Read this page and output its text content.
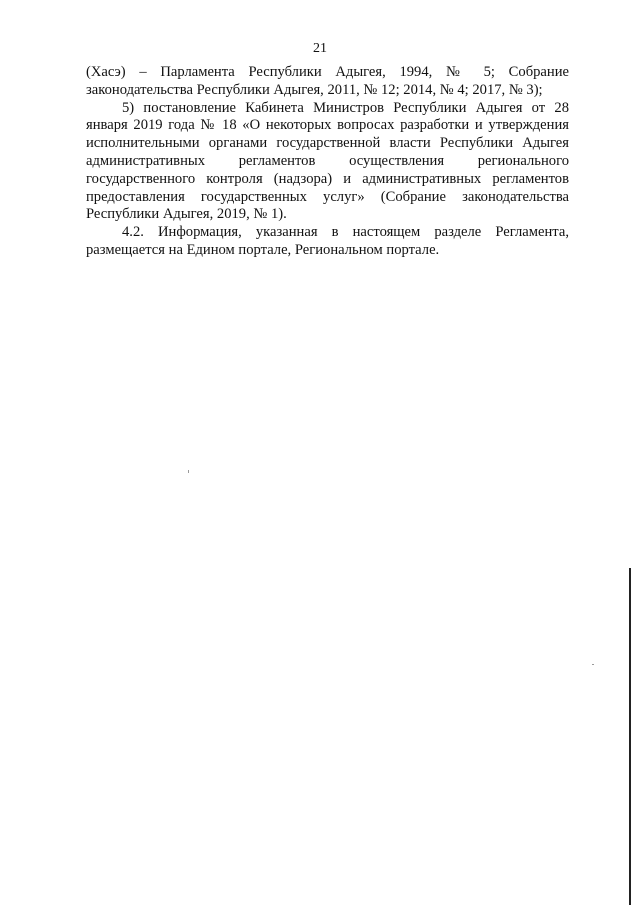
21

(Хасэ) – Парламента Республики Адыгея, 1994, № 5; Собрание
законодательства Республики Адыгея, 2011, № 12; 2014, № 4; 2017, № 3);

5) постановление Кабинета Министров Республики Адыгея от 28
января 2019 года № 18 «О некоторых вопросах разработки и утверждения
исполнительными органами государственной власти Республики Адыгея
административных регламентов осуществления регионального
государственного контроля (надзора) и административных регламентов
предоставления государственных услуг» (Собрание законодательства
Республики Адыгея, 2019, № 1).

4.2. Информация, указанная в настоящем разделе Регламента,
размещается на Едином портале, Региональном портале.
